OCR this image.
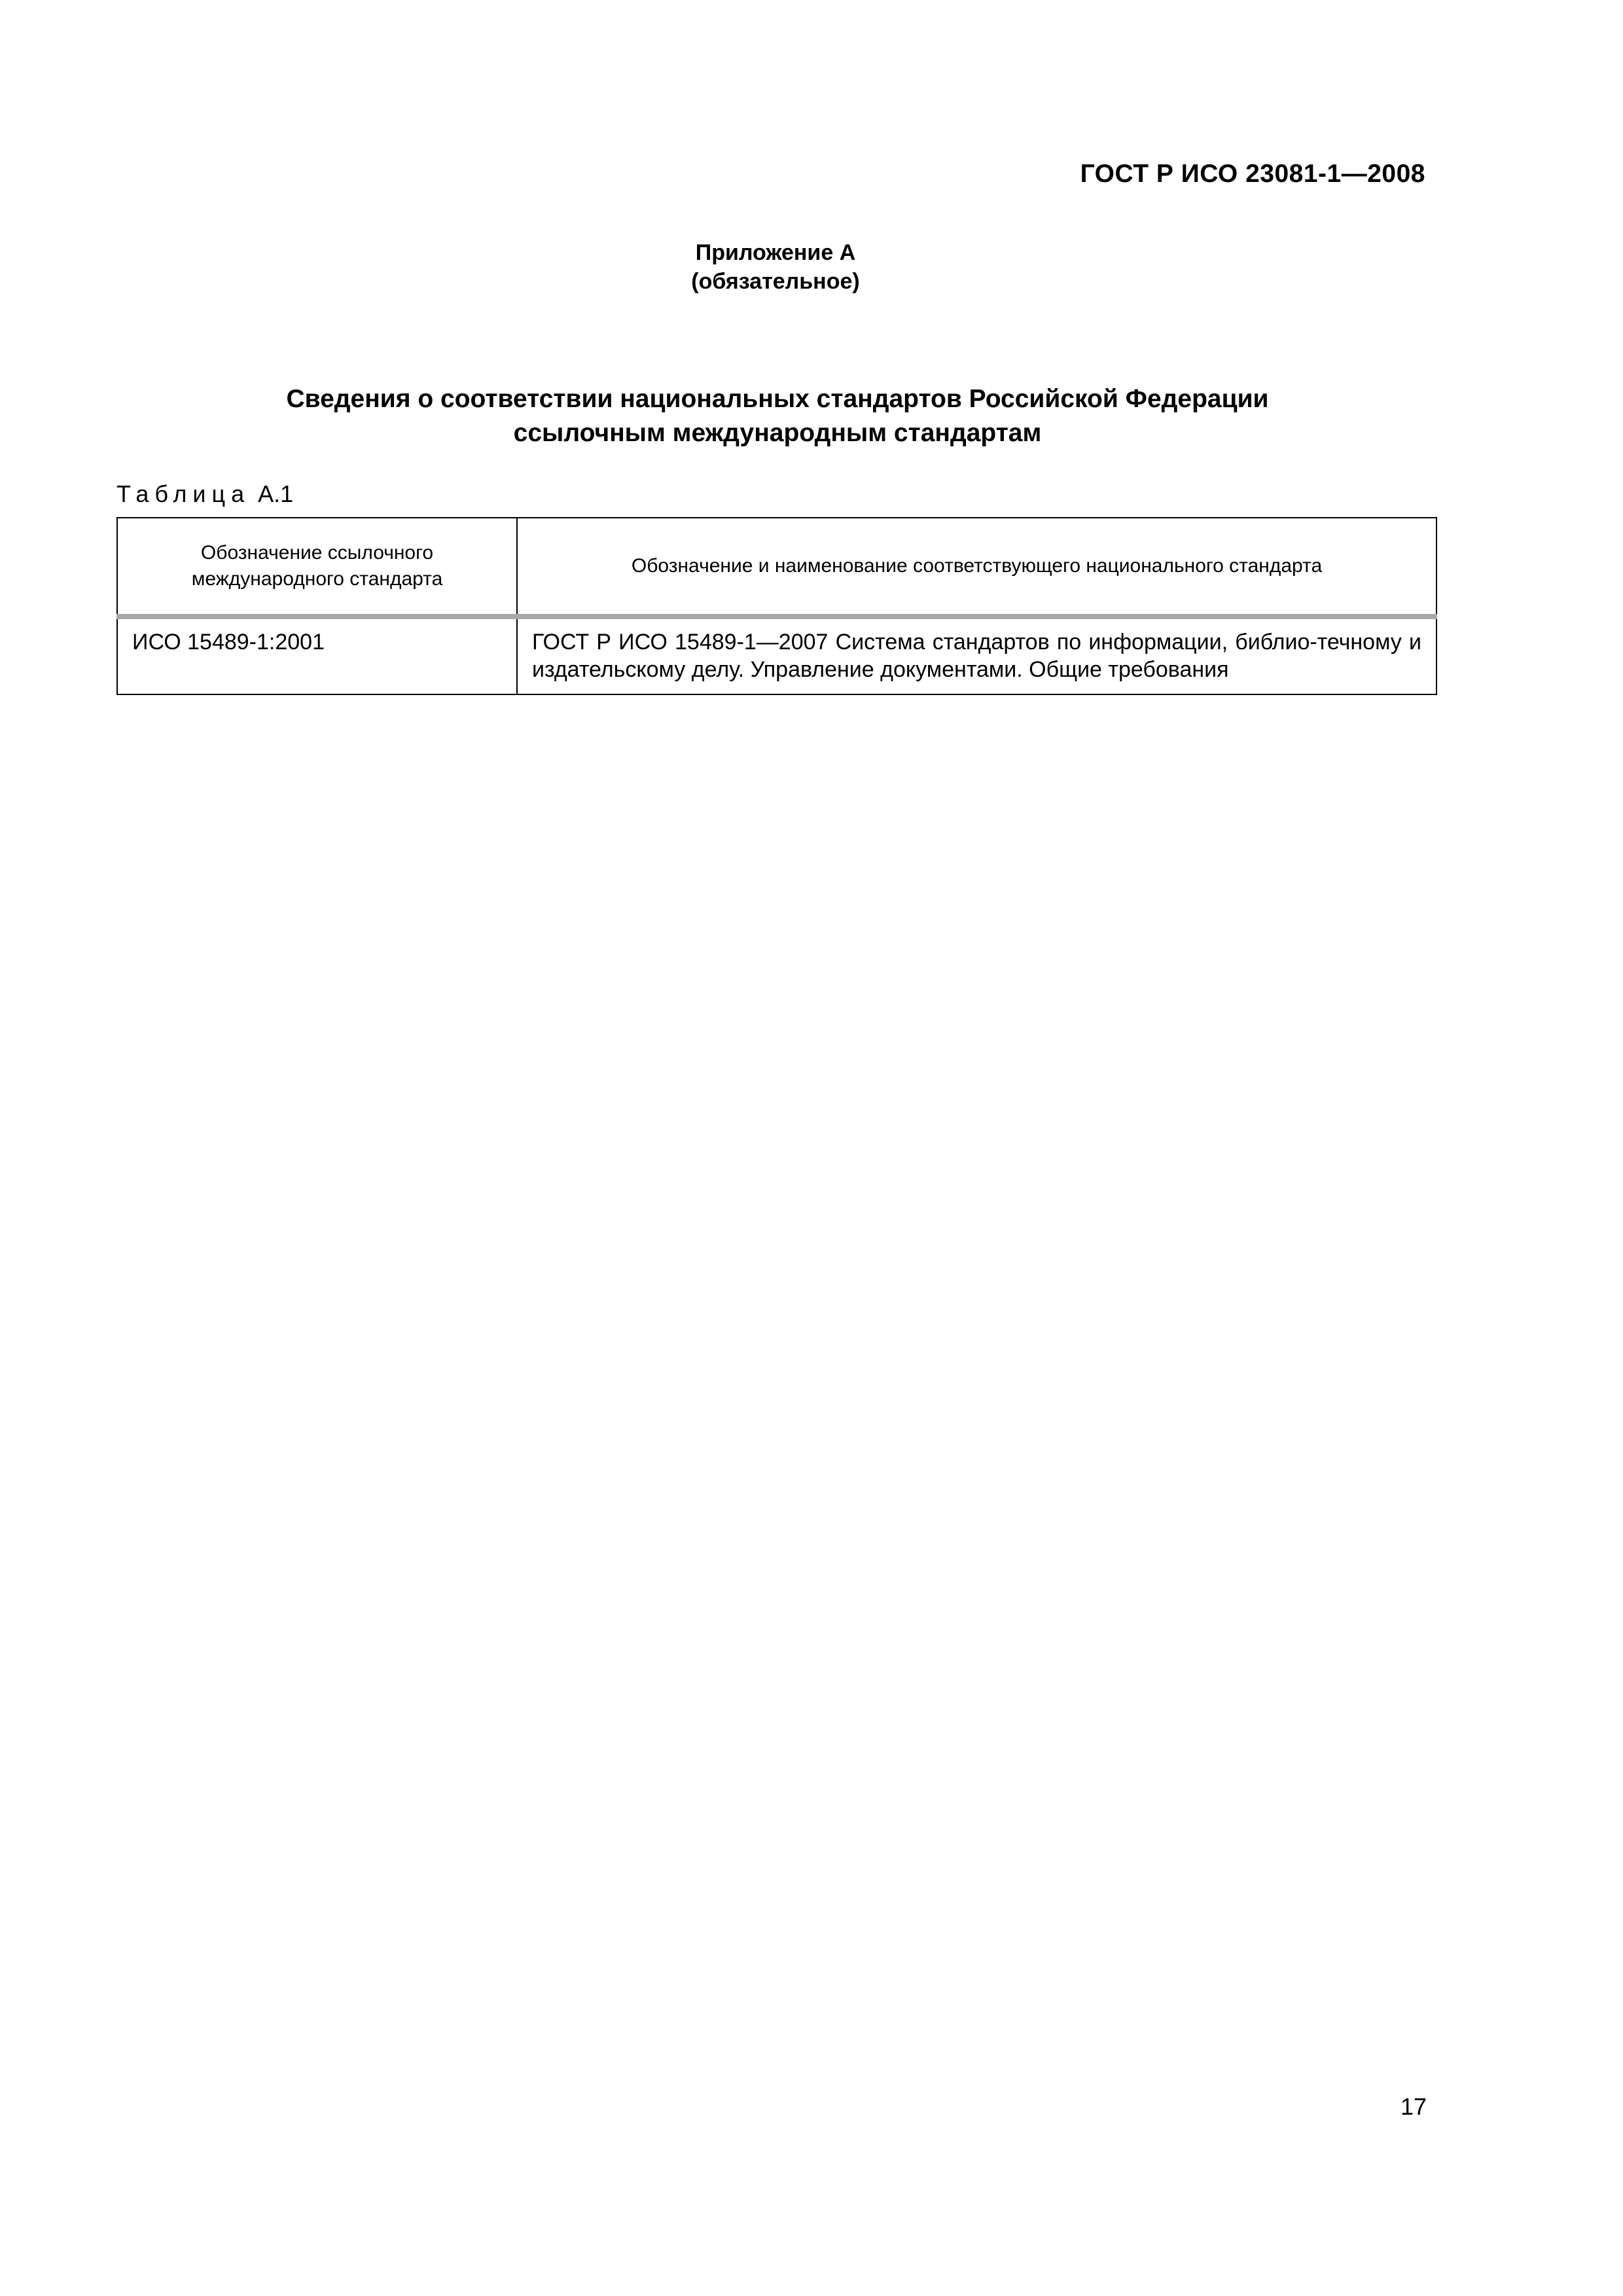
ГОСТ Р ИСО 23081-1—2008
Приложение А
(обязательное)
Сведения о соответствии национальных стандартов Российской Федерации
ссылочным международным стандартам
Таблица А.1
Обозначение ссылочного международного стандарта	Обозначение и наименование соответствующего национального стандарта
ИСО 15489-1:2001	ГОСТ Р ИСО 15489-1—2007 Система стандартов по информации, библио-течному и издательскому делу. Управление документами. Общие требования
17
